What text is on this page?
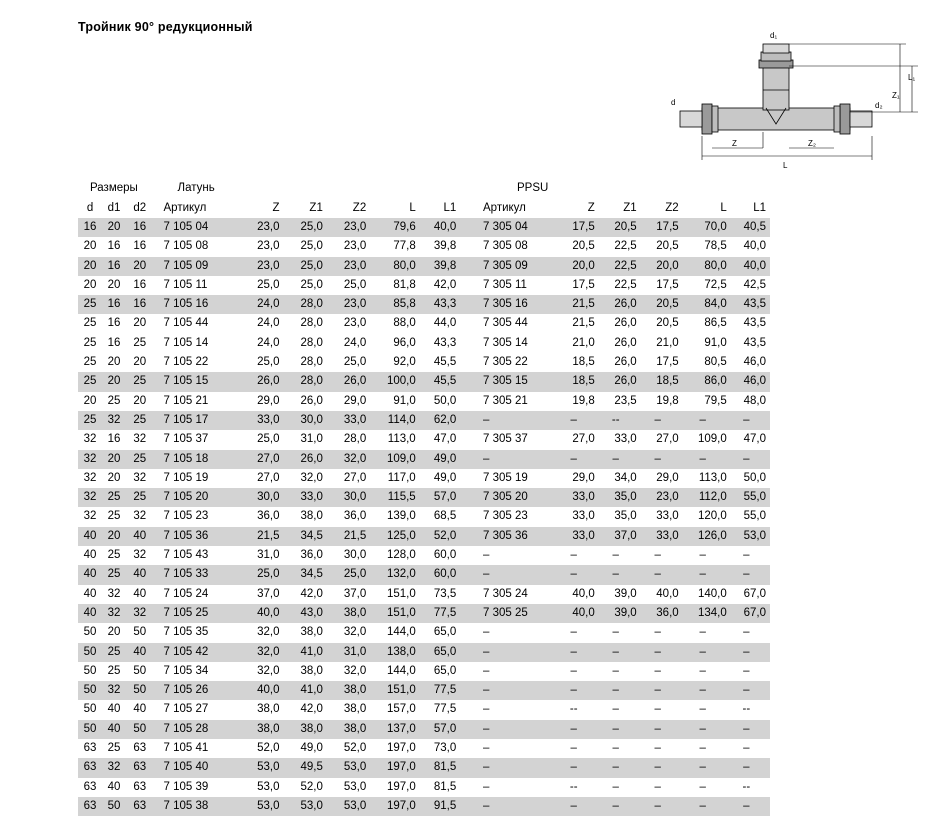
Тройник 90° редукционный
d₁
L₁
Z₁
d	d₂
Z	Z₂
L
Размеры			Латунь							PPSU					
d	d1	d2	Артикул	Z	Z1	Z2	L	L1		Артикул	Z	Z1	Z2	L	L1
16	20	16	7 105 04	23,0	25,0	23,0	79,6	40,0		7 305 04	17,5	20,5	17,5	70,0	40,5
20	16	16	7 105 08	23,0	25,0	23,0	77,8	39,8		7 305 08	20,5	22,5	20,5	78,5	40,0
20	16	20	7 105 09	23,0	25,0	23,0	80,0	39,8		7 305 09	20,0	22,5	20,0	80,0	40,0
20	20	16	7 105 11	25,0	25,0	25,0	81,8	42,0		7 305 11	17,5	22,5	17,5	72,5	42,5
25	16	16	7 105 16	24,0	28,0	23,0	85,8	43,3		7 305 16	21,5	26,0	20,5	84,0	43,5
25	16	20	7 105 44	24,0	28,0	23,0	88,0	44,0		7 305 44	21,5	26,0	20,5	86,5	43,5
25	16	25	7 105 14	24,0	28,0	24,0	96,0	43,3		7 305 14	21,0	26,0	21,0	91,0	43,5
25	20	20	7 105 22	25,0	28,0	25,0	92,0	45,5		7 305 22	18,5	26,0	17,5	80,5	46,0
25	20	25	7 105 15	26,0	28,0	26,0	100,0	45,5		7 305 15	18,5	26,0	18,5	86,0	46,0
20	25	20	7 105 21	29,0	26,0	29,0	91,0	50,0		7 305 21	19,8	23,5	19,8	79,5	48,0
25	32	25	7 105 17	33,0	30,0	33,0	114,0	62,0		–	–	--	–	–	–
32	16	32	7 105 37	25,0	31,0	28,0	113,0	47,0		7 305 37	27,0	33,0	27,0	109,0	47,0
32	20	25	7 105 18	27,0	26,0	32,0	109,0	49,0		–	–	–	–	–	–
32	20	32	7 105 19	27,0	32,0	27,0	117,0	49,0		7 305 19	29,0	34,0	29,0	113,0	50,0
32	25	25	7 105 20	30,0	33,0	30,0	115,5	57,0		7 305 20	33,0	35,0	23,0	112,0	55,0
32	25	32	7 105 23	36,0	38,0	36,0	139,0	68,5		7 305 23	33,0	35,0	33,0	120,0	55,0
40	20	40	7 105 36	21,5	34,5	21,5	125,0	52,0		7 305 36	33,0	37,0	33,0	126,0	53,0
40	25	32	7 105 43	31,0	36,0	30,0	128,0	60,0		–	–	–	–	–	–
40	25	40	7 105 33	25,0	34,5	25,0	132,0	60,0		–	–	–	–	–	–
40	32	40	7 105 24	37,0	42,0	37,0	151,0	73,5		7 305 24	40,0	39,0	40,0	140,0	67,0
40	32	32	7 105 25	40,0	43,0	38,0	151,0	77,5		7 305 25	40,0	39,0	36,0	134,0	67,0
50	20	50	7 105 35	32,0	38,0	32,0	144,0	65,0		–	–	–	–	–	–
50	25	40	7 105 42	32,0	41,0	31,0	138,0	65,0		–	–	–	–	–	–
50	25	50	7 105 34	32,0	38,0	32,0	144,0	65,0		–	–	–	–	–	–
50	32	50	7 105 26	40,0	41,0	38,0	151,0	77,5		–	–	–	–	–	–
50	40	40	7 105 27	38,0	42,0	38,0	157,0	77,5		–	--	–	–	–	--
50	40	50	7 105 28	38,0	38,0	38,0	137,0	57,0		–	–	–	–	–	–
63	25	63	7 105 41	52,0	49,0	52,0	197,0	73,0		–	–	–	–	–	–
63	32	63	7 105 40	53,0	49,5	53,0	197,0	81,5		–	–	–	–	–	–
63	40	63	7 105 39	53,0	52,0	53,0	197,0	81,5		–	--	–	–	–	--
63	50	63	7 105 38	53,0	53,0	53,0	197,0	91,5		–	–	–	–	–	–
